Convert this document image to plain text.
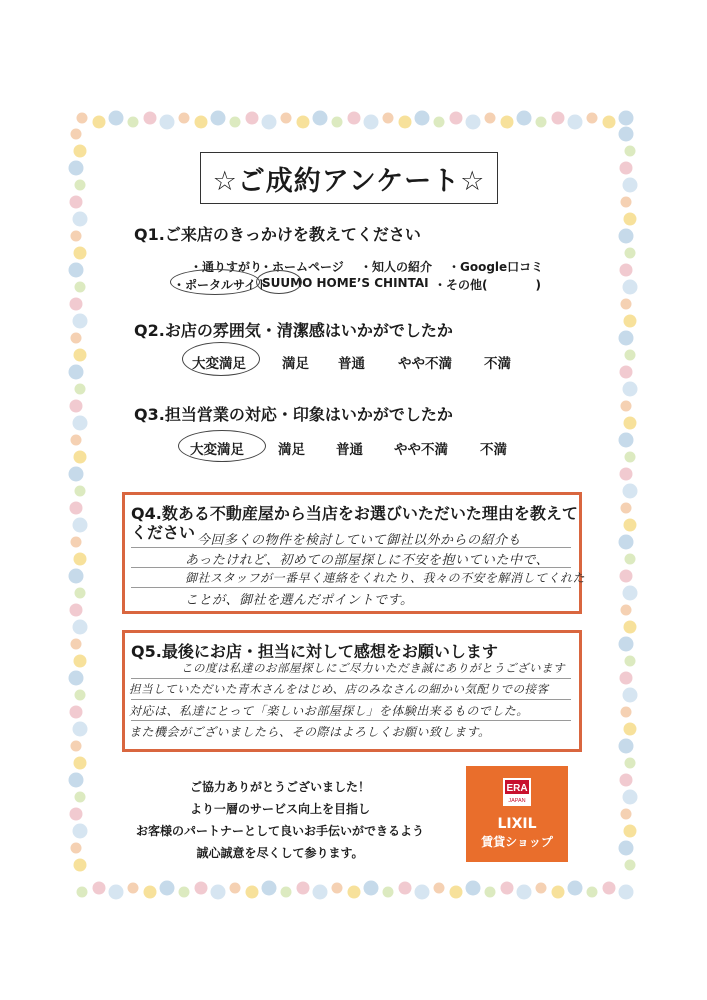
☆ご成約アンケート☆
Q1.ご来店のきっかけを教えてください
・通りすがり
・ホームページ ・知人の紹介 ・Google口コミ
・ポータルサイト
SUUMO HOME’S CHINTAI ・その他(　　　　)
Q2.お店の雰囲気・清潔感はいかがでしたか
大変満足	満足 普通 やや不満 不満
Q3.担当営業の対応・印象はいかがでしたか
大変満足	満足 普通 やや不満 不満
Q4.数ある不動産屋から当店をお選びいただいた理由を教えて
ください 今回多くの物件を検討していて御社以外からの紹介も
あったけれど、初めての部屋探しに不安を抱いていた中で、
御社スタッフが一番早く連絡をくれたり、我々の不安を解消してくれた
ことが、御社を選んだポイントです。
Q5.最後にお店・担当に対して感想をお願いします
この度は私達のお部屋探しにご尽力いただき誠にありがとうございます
担当していただいた青木さんをはじめ、店のみなさんの細かい気配りでの接客
対応は、私達にとって「楽しいお部屋探し」を体験出来るものでした。
また機会がございましたら、その際はよろしくお願い致します。
ご協力ありがとうございました！
より一層のサービス向上を目指し
お客様のパートナーとして良いお手伝いができるよう
誠心誠意を尽くして参ります。
ERA
JAPAN
LIXIL
賃貸ショップ
